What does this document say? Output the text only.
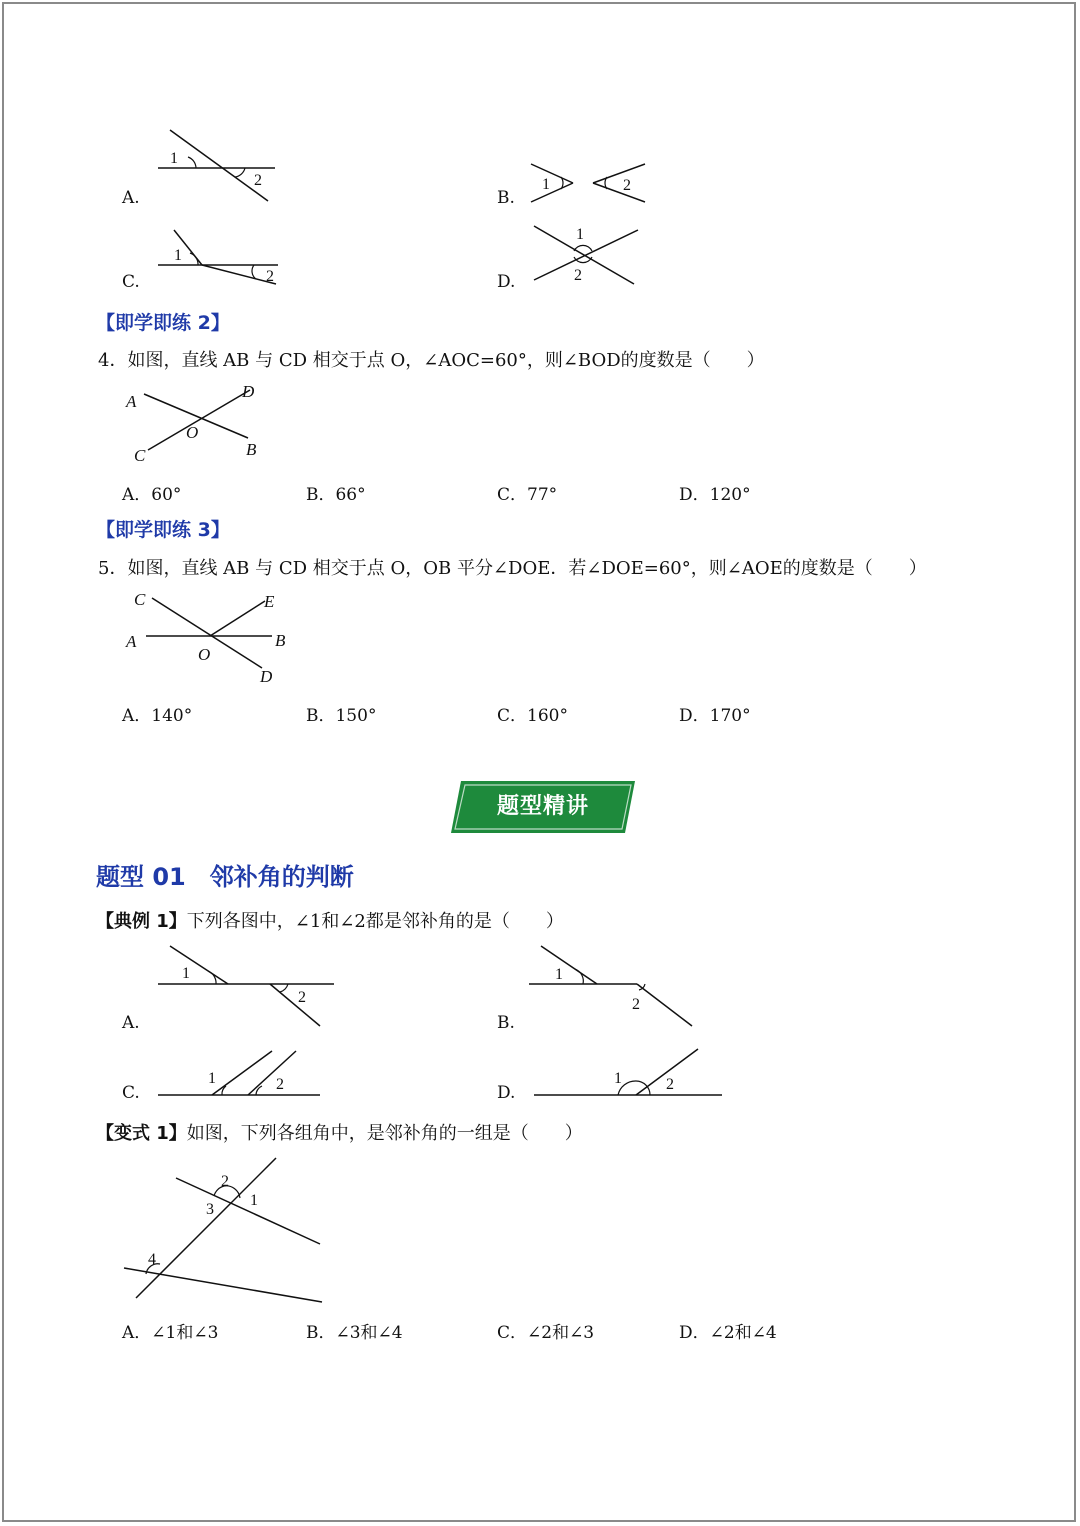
1
2
A.
1	2
B.
1
2
C.
1
2
D.
【即学即练 2】
4．如图，直线 AB 与 CD 相交于点 O，∠AOC=60°，则∠BOD的度数是（　　）
A
D
O
B
C
A．60°	B．66°	C．77°	D．120°
【即学即练 3】
5．如图，直线 AB 与 CD 相交于点 O，OB 平分∠DOE．若∠DOE=60°，则∠AOE的度数是（　　）
C	E
A	B
O
D
A．140°	B．150°	C．160°	D．170°
题型精讲
题型 01　邻补角的判断
【典例 1】下列各图中，∠1和∠2都是邻补角的是（　　）
1
2
A.
1
2
B.
1	2
C.
1	2
D.
【变式 1】如图，下列各组角中，是邻补角的一组是（　　）
2
1
3
4
A．∠1和∠3	B．∠3和∠4	C．∠2和∠3	D．∠2和∠4
